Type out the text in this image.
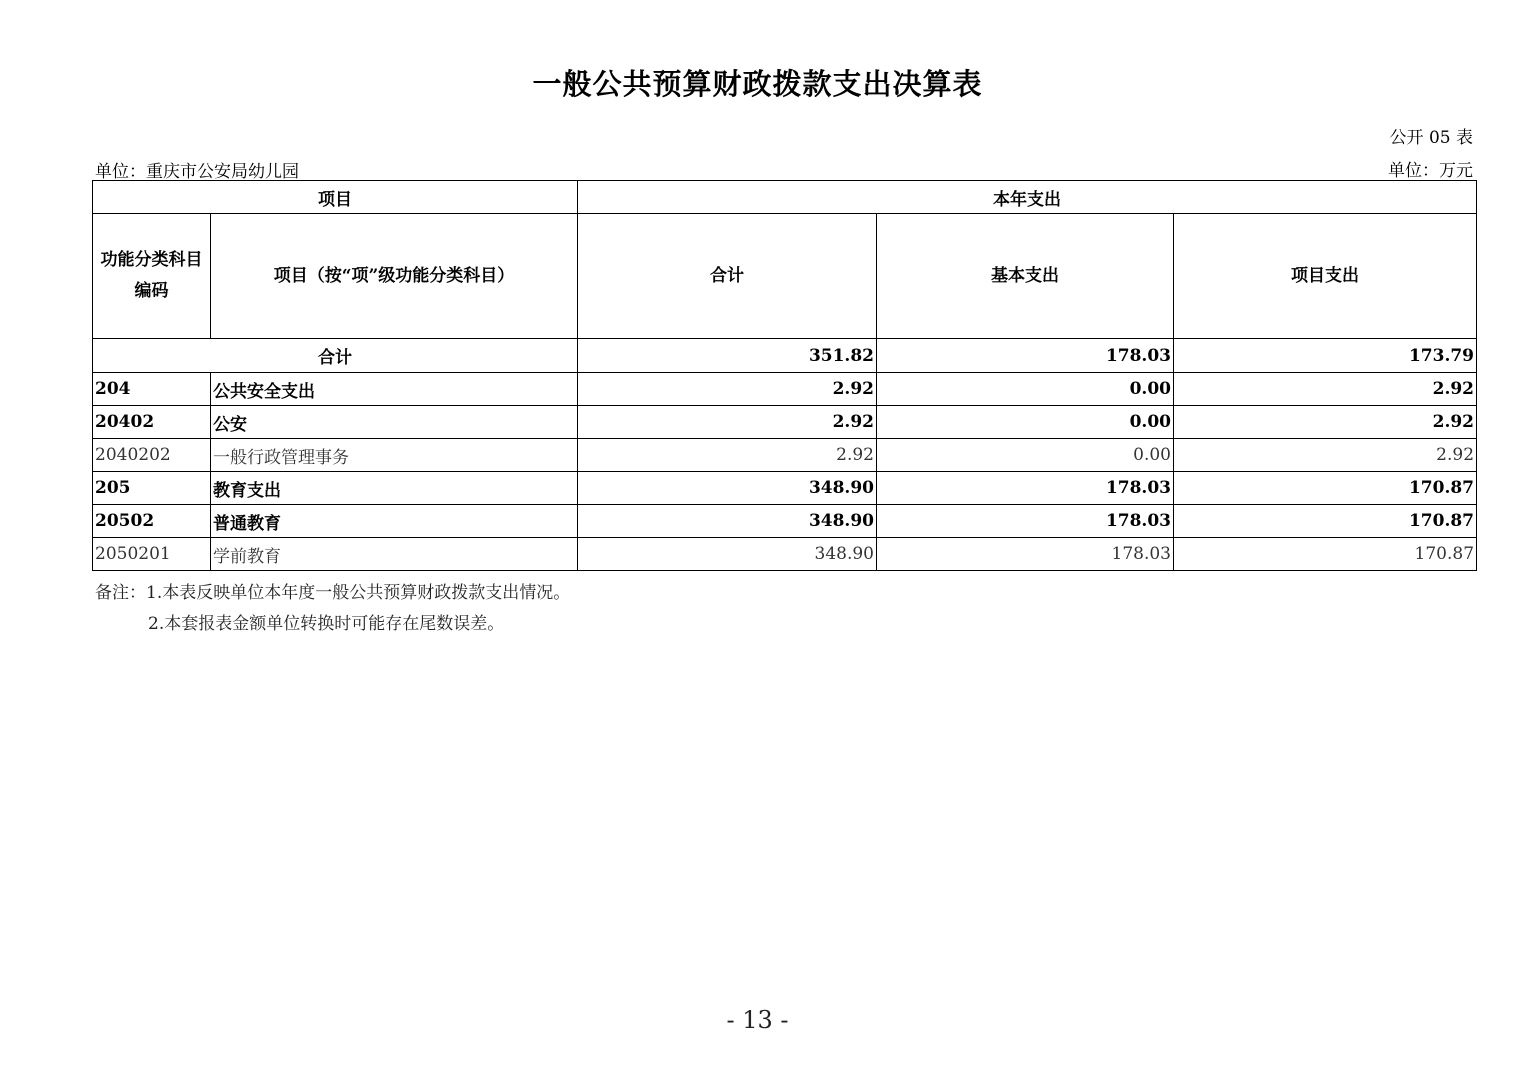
一般公共预算财政拨款支出决算表
公开 05 表
单位：重庆市公安局幼儿园	单位：万元
项目		本年支出		
功能分类科目编码	项目（按“项”级功能分类科目）	合计	基本支出	项目支出
合计		351.82	178.03	173.79
204	公共安全支出	2.92	0.00	2.92
20402	公安	2.92	0.00	2.92
2040202	一般行政管理事务	2.92	0.00	2.92
205	教育支出	348.90	178.03	170.87
20502	普通教育	348.90	178.03	170.87
2050201	学前教育	348.90	178.03	170.87
备注：1.本表反映单位本年度一般公共预算财政拨款支出情况。
2.本套报表金额单位转换时可能存在尾数误差。
- 13 -
